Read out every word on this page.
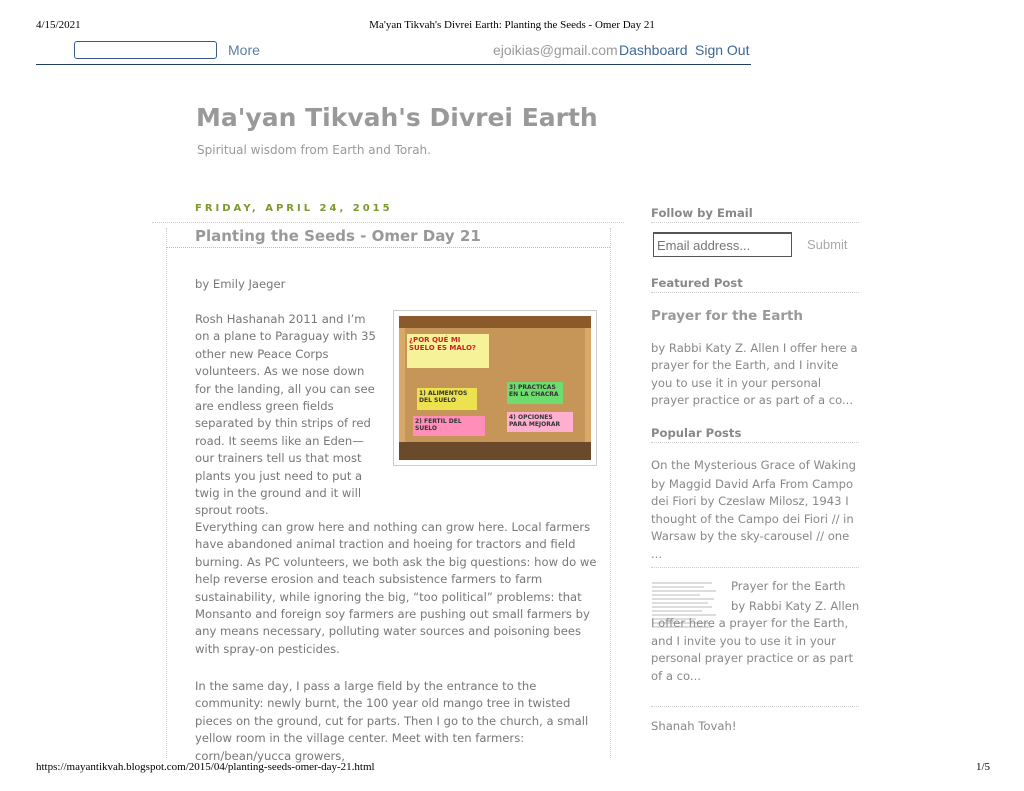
4/15/2021	Ma'yan Tikvah's Divrei Earth: Planting the Seeds - Omer Day 21
More	ejoikias@gmail.com Dashboard Sign Out
Ma'yan Tikvah's Divrei Earth
Spiritual wisdom from Earth and Torah.
FRIDAY, APRIL 24, 2015
Planting the Seeds - Omer Day 21
by Emily Jaeger
Rosh Hashanah 2011 and I’m on a plane to Paraguay with 35 other new Peace Corps volunteers. As we nose down for the landing, all you can see are endless green fields separated by thin strips of red road. It seems like an Eden—our trainers tell us that most plants you just need to put a twig in the ground and it will sprout roots.
¿POR QUÉ MI SUELO ES MALO?
1) ALIMENTOS DEL SUELO
3) PRACTICAS EN LA CHACRA
2) FERTIL DEL SUELO
4) OPCIONES PARA MEJORAR
Everything can grow here and nothing can grow here. Local farmers have abandoned animal traction and hoeing for tractors and field burning. As PC volunteers, we both ask the big questions: how do we help reverse erosion and teach subsistence farmers to farm sustainability, while ignoring the big, “too political” problems: that Monsanto and foreign soy farmers are pushing out small farmers by any means necessary, polluting water sources and poisoning bees with spray-on pesticides.
In the same day, I pass a large field by the entrance to the community: newly burnt, the 100 year old mango tree in twisted pieces on the ground, cut for parts. Then I go to the church, a small yellow room in the village center. Meet with ten farmers: corn/bean/yucca growers,
Follow by Email
Email address...
Submit
Featured Post
Prayer for the Earth
by Rabbi Katy Z. Allen I offer here a prayer for the Earth, and I invite you to use it in your personal prayer practice or as part of a co...
Popular Posts
On the Mysterious Grace of Waking
by Maggid David Arfa From Campo dei Fiori by Czeslaw Milosz, 1943 I thought of the Campo dei Fiori // in Warsaw by the sky-carousel // one ...
Prayer for the Earth
by Rabbi Katy Z. Allen I offer here a prayer for the Earth, and I invite you to use it in your personal prayer practice or as part of a co...
Shanah Tovah!
https://mayantikvah.blogspot.com/2015/04/planting-seeds-omer-day-21.html	1/5
